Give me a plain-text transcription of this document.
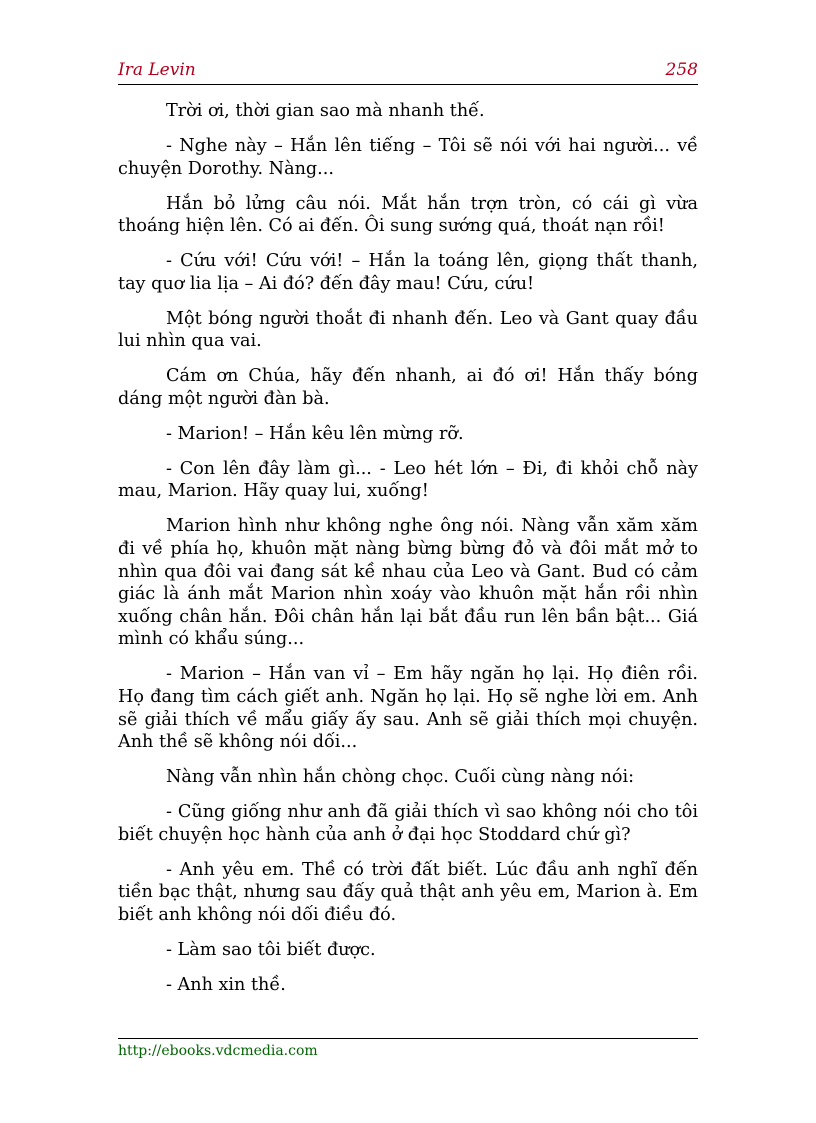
Ira Levin	258

Trời ơi, thời gian sao mà nhanh thế.

- Nghe này – Hắn lên tiếng – Tôi sẽ nói với hai người... về chuyện Dorothy. Nàng...

Hắn bỏ lửng câu nói. Mắt hắn trợn tròn, có cái gì vừa thoáng hiện lên. Có ai đến. Ôi sung sướng quá, thoát nạn rồi!

- Cứu với! Cứu với! – Hắn la toáng lên, giọng thất thanh, tay quơ lia lịa – Ai đó? đến đây mau! Cứu, cứu!

Một bóng người thoắt đi nhanh đến. Leo và Gant quay đầu lui nhìn qua vai.

Cám ơn Chúa, hãy đến nhanh, ai đó ơi! Hắn thấy bóng dáng một người đàn bà.

- Marion! – Hắn kêu lên mừng rỡ.

- Con lên đây làm gì... - Leo hét lớn – Đi, đi khỏi chỗ này mau, Marion. Hãy quay lui, xuống!

Marion hình như không nghe ông nói. Nàng vẫn xăm xăm đi về phía họ, khuôn mặt nàng bừng bừng đỏ và đôi mắt mở to nhìn qua đôi vai đang sát kề nhau của Leo và Gant. Bud có cảm giác là ánh mắt Marion nhìn xoáy vào khuôn mặt hắn rồi nhìn xuống chân hắn. Đôi chân hắn lại bắt đầu run lên bần bật... Giá mình có khẩu súng...

- Marion – Hắn van vỉ – Em hãy ngăn họ lại. Họ điên rồi. Họ đang tìm cách giết anh. Ngăn họ lại. Họ sẽ nghe lời em. Anh sẽ giải thích về mẩu giấy ấy sau. Anh sẽ giải thích mọi chuyện. Anh thề sẽ không nói dối...

Nàng vẫn nhìn hắn chòng chọc. Cuối cùng nàng nói:

- Cũng giống như anh đã giải thích vì sao không nói cho tôi biết chuyện học hành của anh ở đại học Stoddard chứ gì?

- Anh yêu em. Thề có trời đất biết. Lúc đầu anh nghĩ đến tiền bạc thật, nhưng sau đấy quả thật anh yêu em, Marion à. Em biết anh không nói dối điều đó.

- Làm sao tôi biết được.

- Anh xin thề.

http://ebooks.vdcmedia.com
